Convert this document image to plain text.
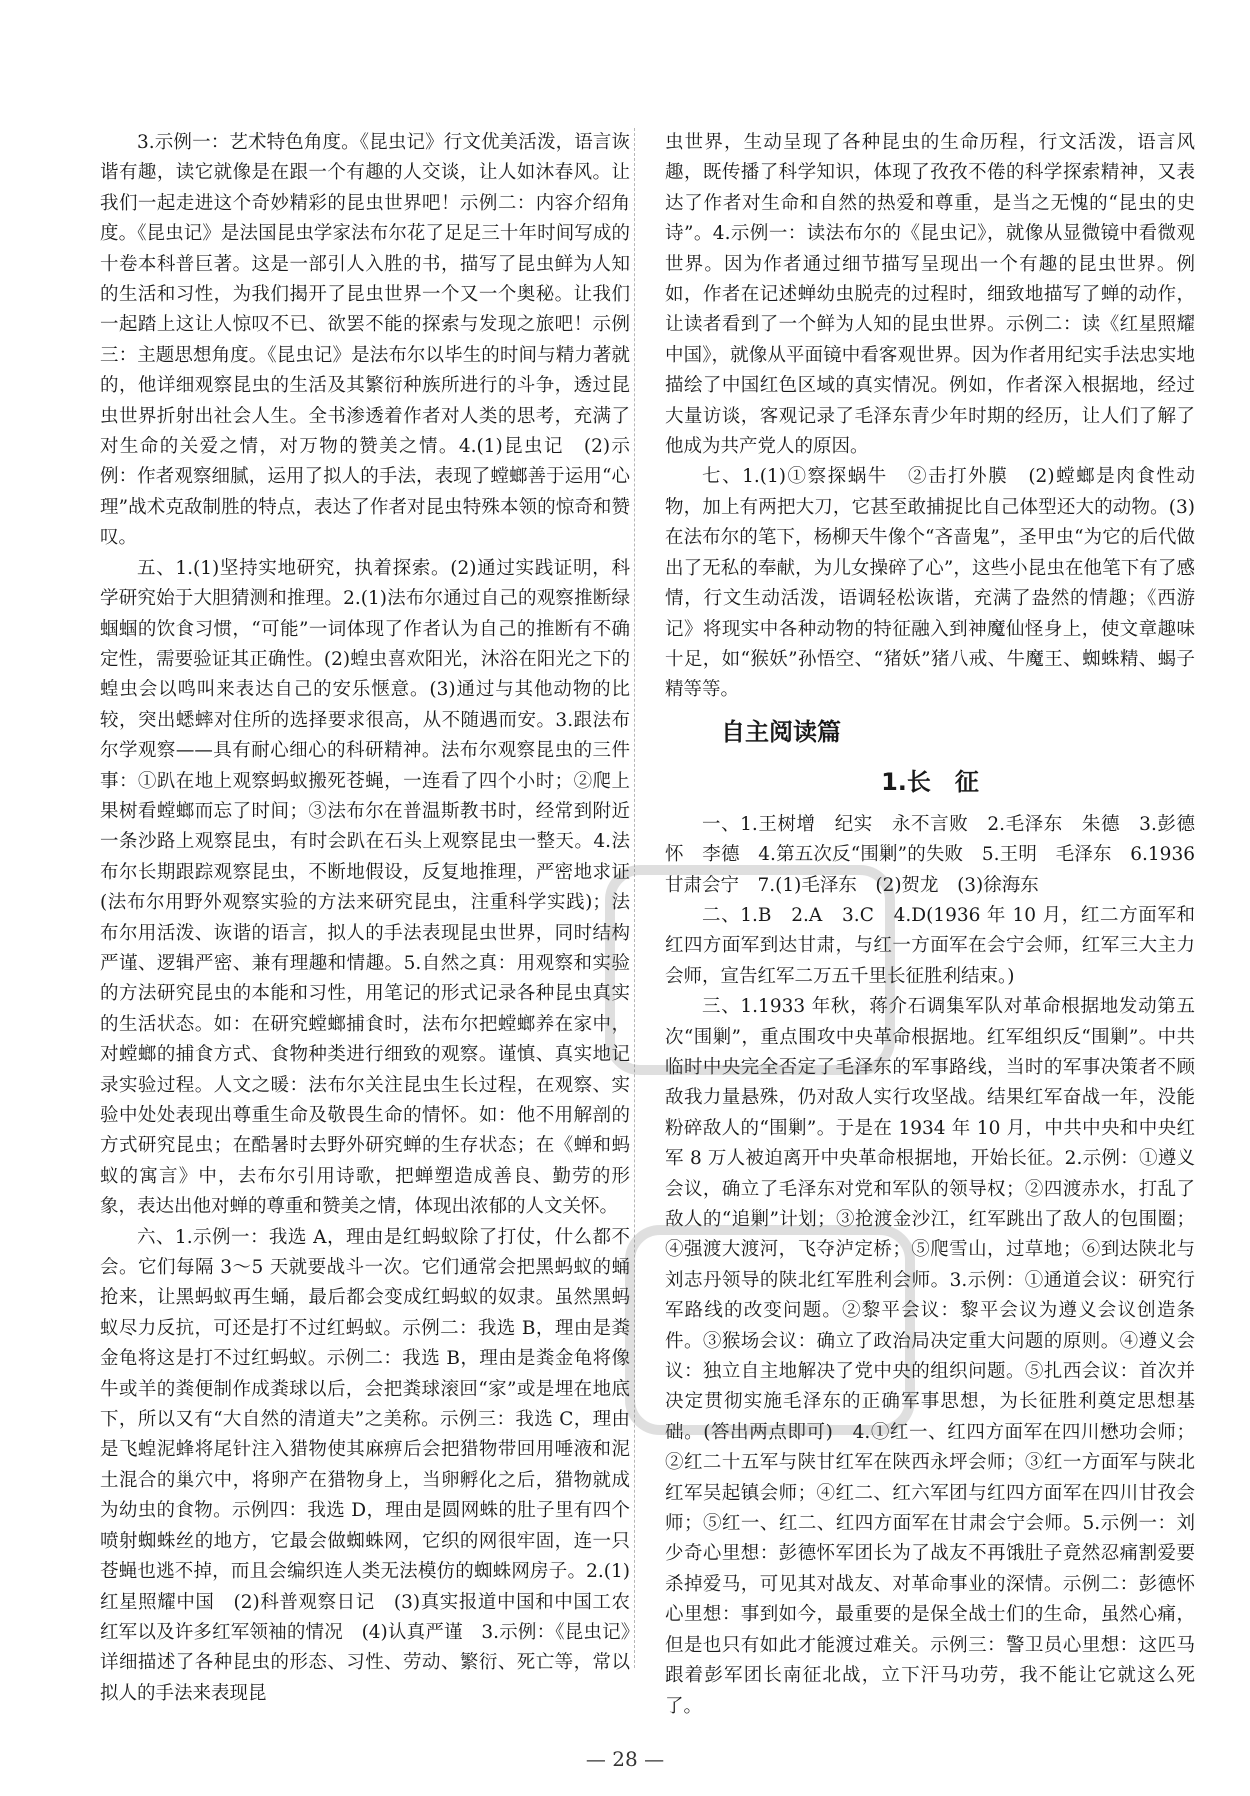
3.示例一：艺术特色角度。《昆虫记》行文优美活泼，语言诙谐有趣，读它就像是在跟一个有趣的人交谈，让人如沐春风。让我们一起走进这个奇妙精彩的昆虫世界吧！示例二：内容介绍角度。《昆虫记》是法国昆虫学家法布尔花了足足三十年时间写成的十卷本科普巨著。这是一部引人入胜的书，描写了昆虫鲜为人知的生活和习性，为我们揭开了昆虫世界一个又一个奥秘。让我们一起踏上这让人惊叹不已、欲罢不能的探索与发现之旅吧！示例三：主题思想角度。《昆虫记》是法布尔以毕生的时间与精力著就的，他详细观察昆虫的生活及其繁衍种族所进行的斗争，透过昆虫世界折射出社会人生。全书渗透着作者对人类的思考，充满了对生命的关爱之情，对万物的赞美之情。4.(1)昆虫记　(2)示例：作者观察细腻，运用了拟人的手法，表现了螳螂善于运用“心理”战术克敌制胜的特点，表达了作者对昆虫特殊本领的惊奇和赞叹。

五、1.(1)坚持实地研究，执着探索。(2)通过实践证明，科学研究始于大胆猜测和推理。2.(1)法布尔通过自己的观察推断绿蝈蝈的饮食习惯，“可能”一词体现了作者认为自己的推断有不确定性，需要验证其正确性。(2)蝗虫喜欢阳光，沐浴在阳光之下的蝗虫会以鸣叫来表达自己的安乐惬意。(3)通过与其他动物的比较，突出蟋蟀对住所的选择要求很高，从不随遇而安。3.跟法布尔学观察——具有耐心细心的科研精神。法布尔观察昆虫的三件事：①趴在地上观察蚂蚁搬死苍蝇，一连看了四个小时；②爬上果树看螳螂而忘了时间；③法布尔在普温斯教书时，经常到附近一条沙路上观察昆虫，有时会趴在石头上观察昆虫一整天。4.法布尔长期跟踪观察昆虫，不断地假设，反复地推理，严密地求证(法布尔用野外观察实验的方法来研究昆虫，注重科学实践)；法布尔用活泼、诙谐的语言，拟人的手法表现昆虫世界，同时结构严谨、逻辑严密、兼有理趣和情趣。5.自然之真：用观察和实验的方法研究昆虫的本能和习性，用笔记的形式记录各种昆虫真实的生活状态。如：在研究螳螂捕食时，法布尔把螳螂养在家中，对螳螂的捕食方式、食物种类进行细致的观察。谨慎、真实地记录实验过程。人文之暖：法布尔关注昆虫生长过程，在观察、实验中处处表现出尊重生命及敬畏生命的情怀。如：他不用解剖的方式研究昆虫；在酷暑时去野外研究蝉的生存状态；在《蝉和蚂蚁的寓言》中，去布尔引用诗歌，把蝉塑造成善良、勤劳的形象，表达出他对蝉的尊重和赞美之情，体现出浓郁的人文关怀。

六、1.示例一：我选 A，理由是红蚂蚁除了打仗，什么都不会。它们每隔 3～5 天就要战斗一次。它们通常会把黑蚂蚁的蛹抢来，让黑蚂蚁再生蛹，最后都会变成红蚂蚁的奴隶。虽然黑蚂蚁尽力反抗，可还是打不过红蚂蚁。示例二：我选 B，理由是粪金龟将这是打不过红蚂蚁。示例二：我选 B，理由是粪金龟将像牛或羊的粪便制作成粪球以后，会把粪球滚回“家”或是埋在地底下，所以又有“大自然的清道夫”之美称。示例三：我选 C，理由是飞蝗泥蜂将尾针注入猎物使其麻痹后会把猎物带回用唾液和泥土混合的巢穴中，将卵产在猎物身上，当卵孵化之后，猎物就成为幼虫的食物。示例四：我选 D，理由是圆网蛛的肚子里有四个喷射蜘蛛丝的地方，它最会做蜘蛛网，它织的网很牢固，连一只苍蝇也逃不掉，而且会编织连人类无法模仿的蜘蛛网房子。2.(1)红星照耀中国　(2)科普观察日记　(3)真实报道中国和中国工农红军以及许多红军领袖的情况　(4)认真严谨　3.示例：《昆虫记》详细描述了各种昆虫的形态、习性、劳动、繁衍、死亡等，常以拟人的手法来表现昆

虫世界，生动呈现了各种昆虫的生命历程，行文活泼，语言风趣，既传播了科学知识，体现了孜孜不倦的科学探索精神，又表达了作者对生命和自然的热爱和尊重，是当之无愧的“昆虫的史诗”。4.示例一：读法布尔的《昆虫记》，就像从显微镜中看微观世界。因为作者通过细节描写呈现出一个有趣的昆虫世界。例如，作者在记述蝉幼虫脱壳的过程时，细致地描写了蝉的动作，让读者看到了一个鲜为人知的昆虫世界。示例二：读《红星照耀中国》，就像从平面镜中看客观世界。因为作者用纪实手法忠实地描绘了中国红色区域的真实情况。例如，作者深入根据地，经过大量访谈，客观记录了毛泽东青少年时期的经历，让人们了解了他成为共产党人的原因。

七、1.(1)①察探蜗牛　②击打外膜　(2)螳螂是肉食性动物，加上有两把大刀，它甚至敢捕捉比自己体型还大的动物。(3)在法布尔的笔下，杨柳天牛像个“吝啬鬼”，圣甲虫“为它的后代做出了无私的奉献，为儿女操碎了心”，这些小昆虫在他笔下有了感情，行文生动活泼，语调轻松诙谐，充满了盎然的情趣；《西游记》将现实中各种动物的特征融入到神魔仙怪身上，使文章趣味十足，如“猴妖”孙悟空、“猪妖”猪八戒、牛魔王、蜘蛛精、蝎子精等等。

自主阅读篇
1.长　征

一、1.王树增　纪实　永不言败　2.毛泽东　朱德　3.彭德怀　李德　4.第五次反“围剿”的失败　5.王明　毛泽东　6.1936　甘肃会宁　7.(1)毛泽东　(2)贺龙　(3)徐海东

二、1.B　2.A　3.C　4.D(1936 年 10 月，红二方面军和红四方面军到达甘肃，与红一方面军在会宁会师，红军三大主力会师，宣告红军二万五千里长征胜利结束。)

三、1.1933 年秋，蒋介石调集军队对革命根据地发动第五次“围剿”，重点围攻中央革命根据地。红军组织反“围剿”。中共临时中央完全否定了毛泽东的军事路线，当时的军事决策者不顾敌我力量悬殊，仍对敌人实行攻坚战。结果红军奋战一年，没能粉碎敌人的“围剿”。于是在 1934 年 10 月，中共中央和中央红军 8 万人被迫离开中央革命根据地，开始长征。2.示例：①遵义会议，确立了毛泽东对党和军队的领导权；②四渡赤水，打乱了敌人的“追剿”计划；③抢渡金沙江，红军跳出了敌人的包围圈；④强渡大渡河，飞夺泸定桥；⑤爬雪山，过草地；⑥到达陕北与刘志丹领导的陕北红军胜利会师。3.示例：①通道会议：研究行军路线的改变问题。②黎平会议：黎平会议为遵义会议创造条件。③猴场会议：确立了政治局决定重大问题的原则。④遵义会议：独立自主地解决了党中央的组织问题。⑤扎西会议：首次并决定贯彻实施毛泽东的正确军事思想，为长征胜利奠定思想基础。(答出两点即可)　4.①红一、红四方面军在四川懋功会师；②红二十五军与陕甘红军在陕西永坪会师；③红一方面军与陕北红军吴起镇会师；④红二、红六军团与红四方面军在四川甘孜会师；⑤红一、红二、红四方面军在甘肃会宁会师。5.示例一：刘少奇心里想：彭德怀军团长为了战友不再饿肚子竟然忍痛割爱要杀掉爱马，可见其对战友、对革命事业的深情。示例二：彭德怀心里想：事到如今，最重要的是保全战士们的生命，虽然心痛，但是也只有如此才能渡过难关。示例三：警卫员心里想：这匹马跟着彭军团长南征北战，立下汗马功劳，我不能让它就这么死了。

— 28 —
